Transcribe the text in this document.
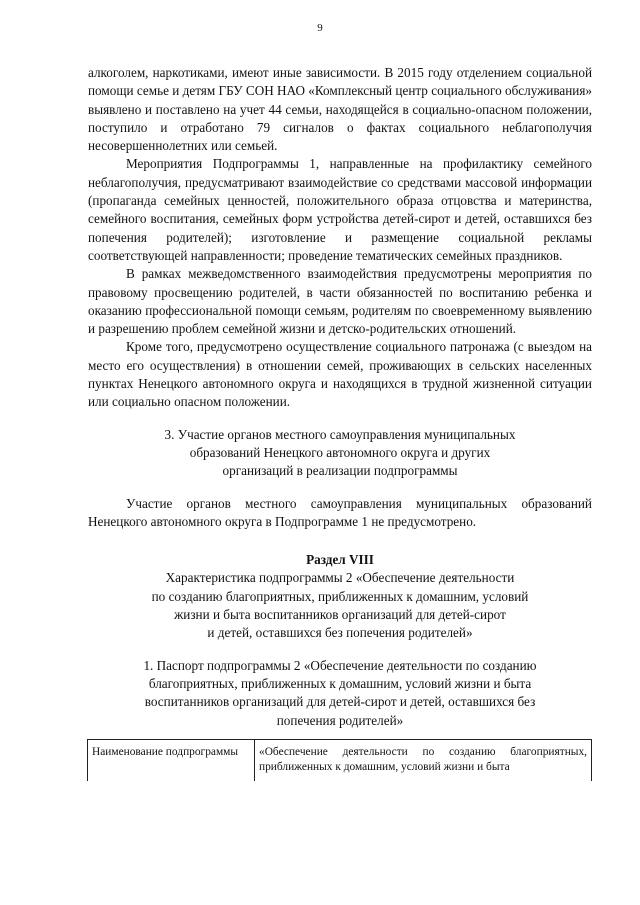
9

алкоголем, наркотиками, имеют иные зависимости. В 2015 году отделением социальной помощи семье и детям ГБУ СОН НАО «Комплексный центр социального обслуживания» выявлено и поставлено на учет 44 семьи, находящейся в социально-опасном положении, поступило и отработано 79 сигналов о фактах социального неблагополучия несовершеннолетних или семьей.

Мероприятия Подпрограммы 1, направленные на профилактику семейного неблагополучия, предусматривают взаимодействие со средствами массовой информации (пропаганда семейных ценностей, положительного образа отцовства и материнства, семейного воспитания, семейных форм устройства детей-сирот и детей, оставшихся без попечения родителей); изготовление и размещение социальной рекламы соответствующей направленности; проведение тематических семейных праздников.

В рамках межведомственного взаимодействия предусмотрены мероприятия по правовому просвещению родителей, в части обязанностей по воспитанию ребенка и оказанию профессиональной помощи семьям, родителям по своевременному выявлению и разрешению проблем семейной жизни и детско-родительских отношений.

Кроме того, предусмотрено осуществление социального патронажа (с выездом на место его осуществления) в отношении семей, проживающих в сельских населенных пунктах Ненецкого автономного округа и находящихся в трудной жизненной ситуации или социально опасном положении.

3. Участие органов местного самоуправления муниципальных

образований Ненецкого автономного округа и других

организаций в реализации подпрограммы

Участие органов местного самоуправления муниципальных образований Ненецкого автономного округа в Подпрограмме 1 не предусмотрено.

Раздел VIII

Характеристика подпрограммы 2 «Обеспечение деятельности

по созданию благоприятных, приближенных к домашним, условий

жизни и быта воспитанников организаций для детей-сирот

и детей, оставшихся без попечения родителей»

1. Паспорт подпрограммы 2 «Обеспечение деятельности по созданию

благоприятных, приближенных к домашним, условий жизни и быта

воспитанников организаций для детей-сирот и детей, оставшихся без

попечения родителей»

Наименование подпрограммы	«Обеспечение деятельности по созданию благоприятных, приближенных к домашним, условий жизни и быта
